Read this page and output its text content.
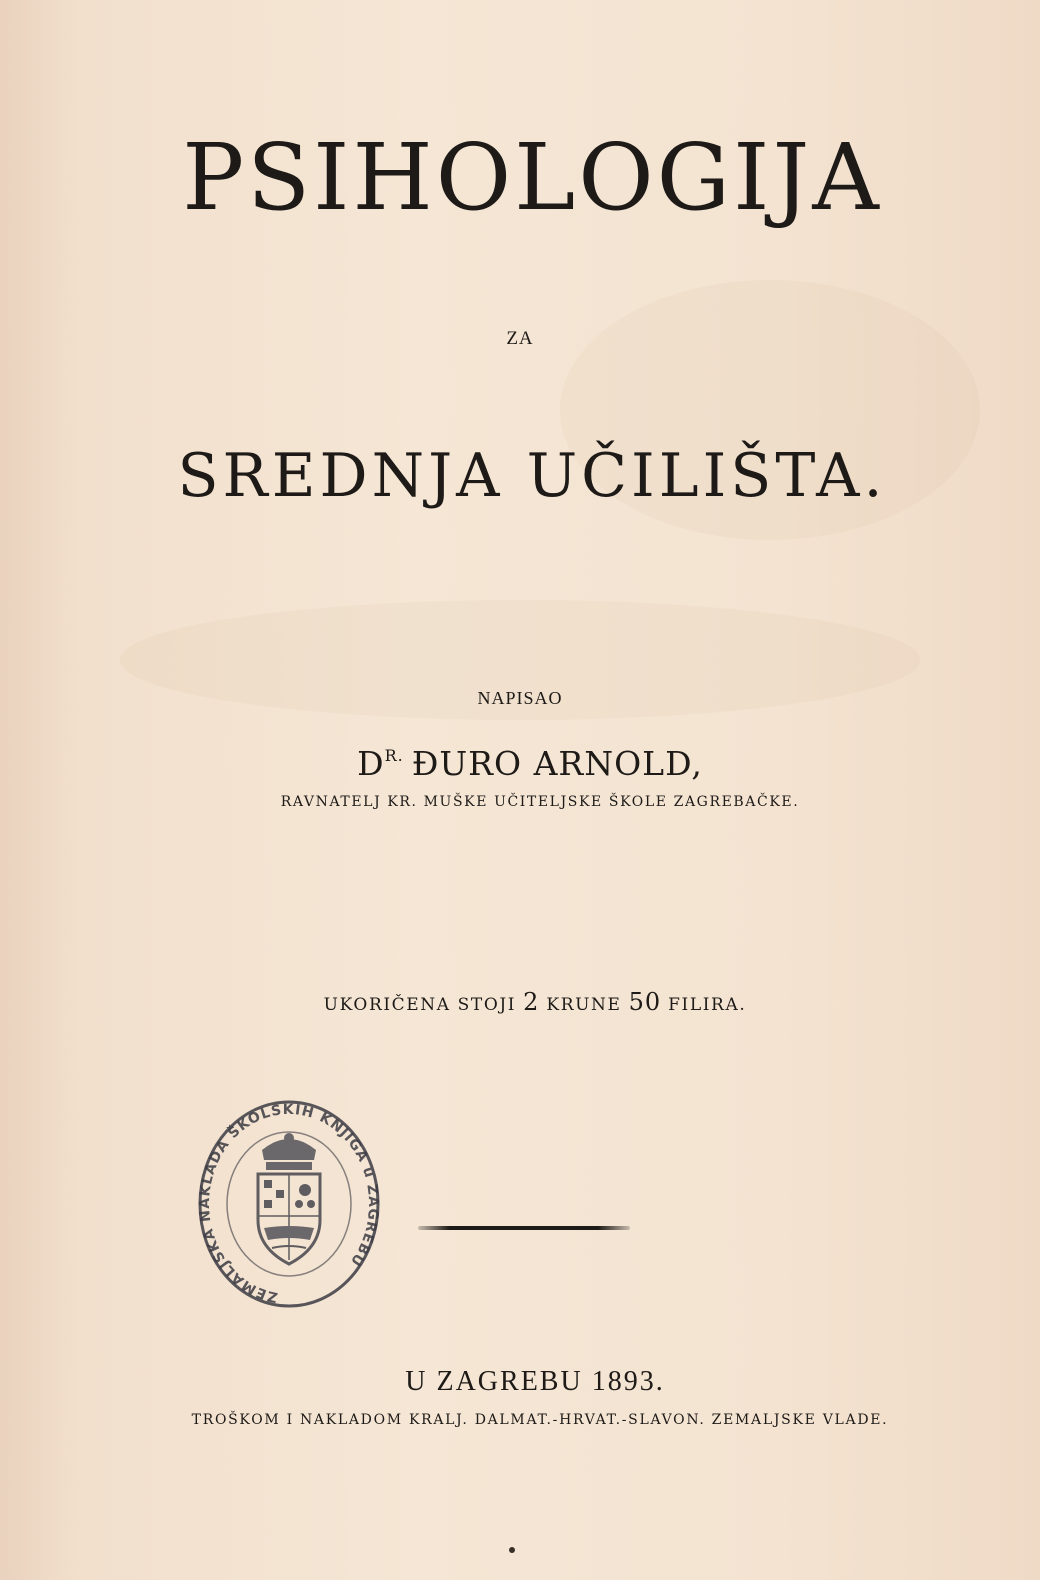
PSIHOLOGIJA
ZA
SREDNJA UČILIŠTA.
NAPISAO
$D^{R.}$ ĐURO ARNOLD,
RAVNATELJ KR. MUŠKE UČITELJSKE ŠKOLE ZAGREBAČKE.
UKORIČENA STOJI 2 KRUNE 50 FILIRA.
ZEMALJSKA NAKLADA ŠKOLSKIH KNJIGA u ZAGREBU
U ZAGREBU 1893.
TROŠKOM I NAKLADOM KRALJ. DALMAT.-HRVAT.-SLAVON. ZEMALJSKE VLADE.
